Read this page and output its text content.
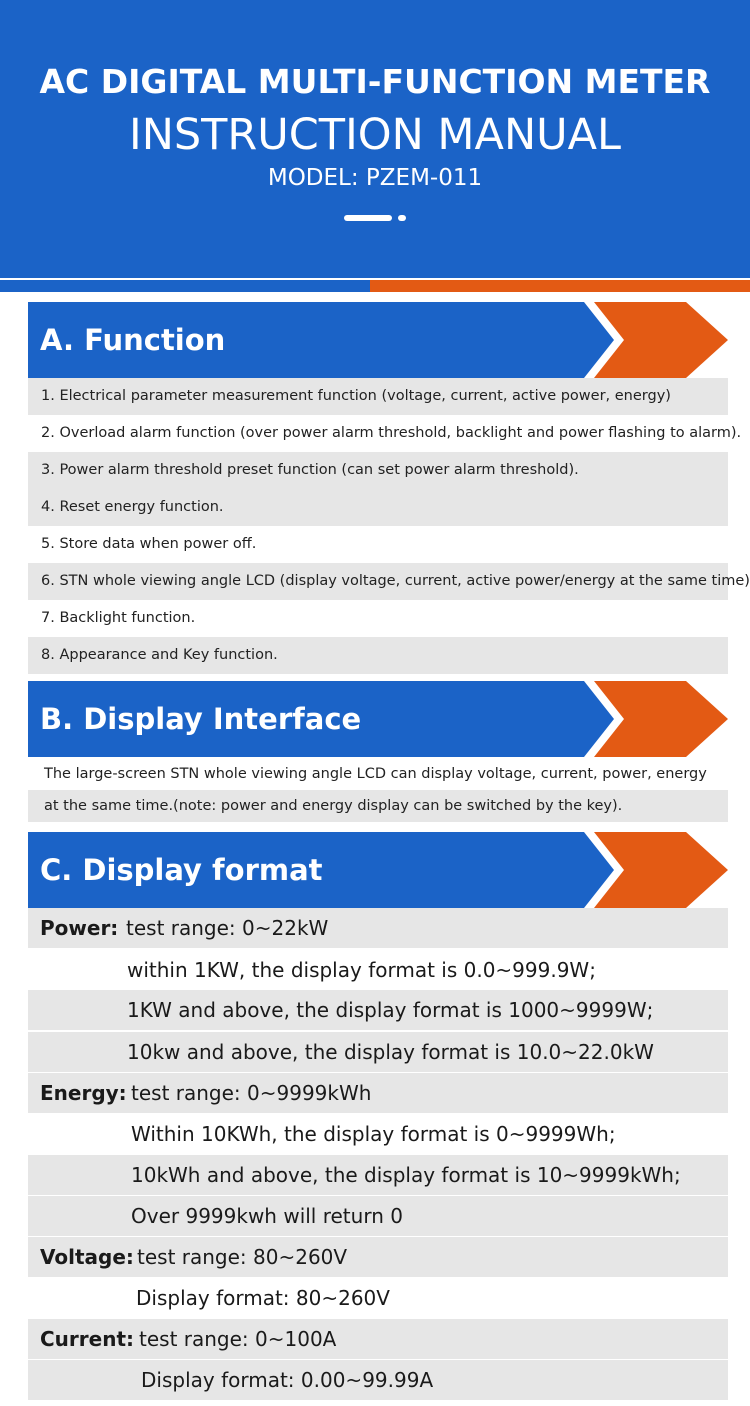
AC DIGITAL MULTI-FUNCTION METER
INSTRUCTION MANUAL
MODEL: PZEM-011
A. Function
1. Electrical parameter measurement function (voltage, current, active power, energy)
2. Overload alarm function (over power alarm threshold, backlight and power flashing to alarm).
3. Power alarm threshold preset function (can set power alarm threshold).
4. Reset energy function.
5. Store data when power off.
6. STN whole viewing angle LCD (display voltage, current, active power/energy at the same time)
7. Backlight function.
8. Appearance and Key function.
B. Display Interface
The large-screen STN whole viewing angle LCD can display voltage, current, power, energy
at the same time.(note: power and energy display can be switched by the key).
C. Display format
Power: test range: 0~22kW
within 1KW, the display format is 0.0~999.9W;
1KW and above, the display format is 1000~9999W;
10kw and above, the display format is 10.0~22.0kW
Energy: test range: 0~9999kWh
Within 10KWh, the display format is 0~9999Wh;
10kWh and above, the display format is 10~9999kWh;
Over 9999kwh will return 0
Voltage: test range: 80~260V
Display format: 80~260V
Current: test range: 0~100A
Display format: 0.00~99.99A
